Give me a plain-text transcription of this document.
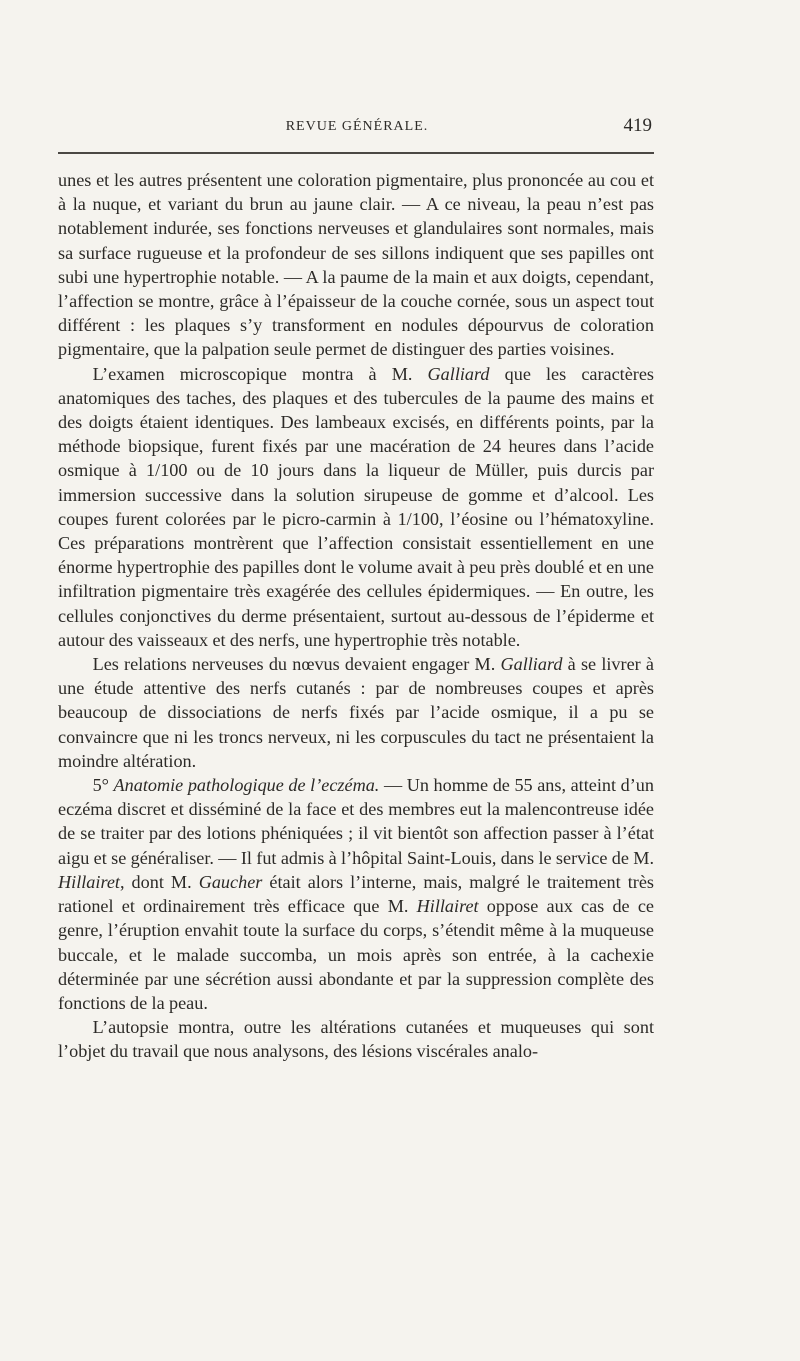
REVUE GÉNÉRALE.	419

unes et les autres présentent une coloration pigmentaire, plus prononcée au cou et à la nuque, et variant du brun au jaune clair. — A ce niveau, la peau n’est pas notablement indurée, ses fonctions nerveuses et glandulaires sont normales, mais sa surface rugueuse et la profondeur de ses sillons indiquent que ses papilles ont subi une hypertrophie notable. — A la paume de la main et aux doigts, cependant, l’affection se montre, grâce à l’épaisseur de la couche cornée, sous un aspect tout différent : les plaques s’y transforment en nodules dépourvus de coloration pigmentaire, que la palpation seule permet de distinguer des parties voisines.

L’examen microscopique montra à M. Galliard que les caractères anatomiques des taches, des plaques et des tubercules de la paume des mains et des doigts étaient identiques. Des lambeaux excisés, en différents points, par la méthode biopsique, furent fixés par une macération de 24 heures dans l’acide osmique à 1/100 ou de 10 jours dans la liqueur de Müller, puis durcis par immersion successive dans la solution sirupeuse de gomme et d’alcool. Les coupes furent colorées par le picro-carmin à 1/100, l’éosine ou l’hématoxyline. Ces préparations montrèrent que l’affection consistait essentiellement en une énorme hypertrophie des papilles dont le volume avait à peu près doublé et en une infiltration pigmentaire très exagérée des cellules épidermiques. — En outre, les cellules conjonctives du derme présentaient, surtout au-dessous de l’épiderme et autour des vaisseaux et des nerfs, une hypertrophie très notable.

Les relations nerveuses du nœvus devaient engager M. Galliard à se livrer à une étude attentive des nerfs cutanés : par de nombreuses coupes et après beaucoup de dissociations de nerfs fixés par l’acide osmique, il a pu se convaincre que ni les troncs nerveux, ni les corpuscules du tact ne présentaient la moindre altération.

5° Anatomie pathologique de l’eczéma. — Un homme de 55 ans, atteint d’un eczéma discret et disséminé de la face et des membres eut la malencontreuse idée de se traiter par des lotions phéniquées ; il vit bientôt son affection passer à l’état aigu et se généraliser. — Il fut admis à l’hôpital Saint-Louis, dans le service de M. Hillairet, dont M. Gaucher était alors l’interne, mais, malgré le traitement très rationel et ordinairement très efficace que M. Hillairet oppose aux cas de ce genre, l’éruption envahit toute la surface du corps, s’étendit même à la muqueuse buccale, et le malade succomba, un mois après son entrée, à la cachexie déterminée par une sécrétion aussi abondante et par la suppression complète des fonctions de la peau.

L’autopsie montra, outre les altérations cutanées et muqueuses qui sont l’objet du travail que nous analysons, des lésions viscérales analo-
